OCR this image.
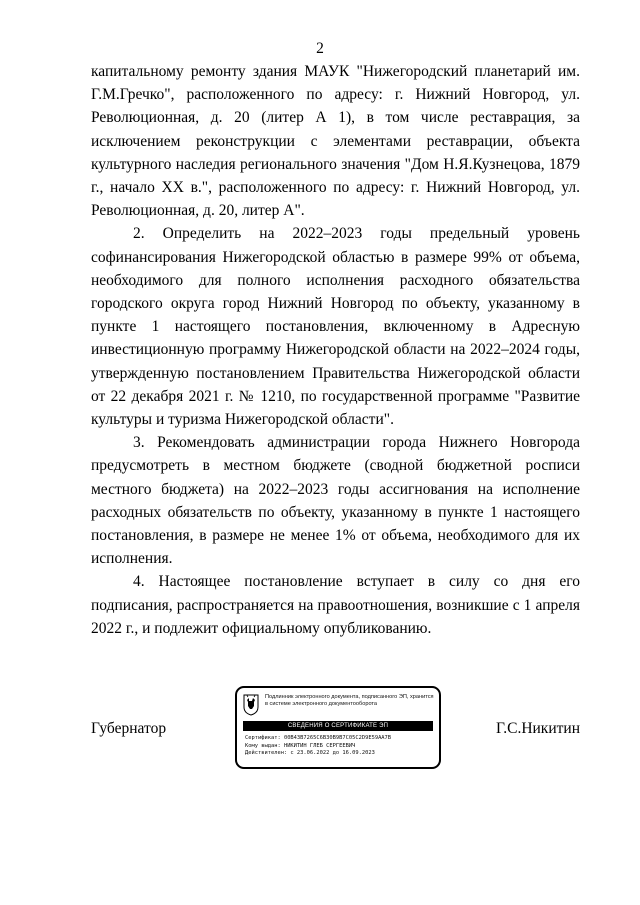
2

капитальному ремонту здания МАУК "Нижегородский планетарий им. Г.М.Гречко", расположенного по адресу: г. Нижний Новгород, ул. Революционная, д. 20 (литер А 1), в том числе реставрация, за исключением реконструкции с элементами реставрации, объекта культурного наследия регионального значения "Дом Н.Я.Кузнецова, 1879 г., начало XX в.", расположенного по адресу: г. Нижний Новгород, ул. Революционная, д. 20, литер А".

2. Определить на 2022–2023 годы предельный уровень софинансирования Нижегородской областью в размере 99% от объема, необходимого для полного исполнения расходного обязательства городского округа город Нижний Новгород по объекту, указанному в пункте 1 настоящего постановления, включенному в Адресную инвестиционную программу Нижегородской области на 2022–2024 годы, утвержденную постановлением Правительства Нижегородской области от 22 декабря 2021 г. № 1210, по государственной программе "Развитие культуры и туризма Нижегородской области".

3. Рекомендовать администрации города Нижнего Новгорода предусмотреть в местном бюджете (сводной бюджетной росписи местного бюджета) на 2022–2023 годы ассигнования на исполнение расходных обязательств по объекту, указанному в пункте 1 настоящего постановления, в размере не менее 1% от объема, необходимого для их исполнения.

4. Настоящее постановление вступает в силу со дня его подписания, распространяется на правоотношения, возникшие с 1 апреля 2022 г., и подлежит официальному опубликованию.

Губернатор	Г.С.Никитин
Подлинник электронного документа, подписанного ЭП, хранится в системе электронного документооборота
СВЕДЕНИЯ О СЕРТИФИКАТЕ ЭП
Сертификат: 00B43B7265C6B30B9B7C05C2D9E59AA7B
Кому выдан: НИКИТИН ГЛЕБ СЕРГЕЕВИЧ
Действителен: с 23.06.2022 до 16.09.2023
